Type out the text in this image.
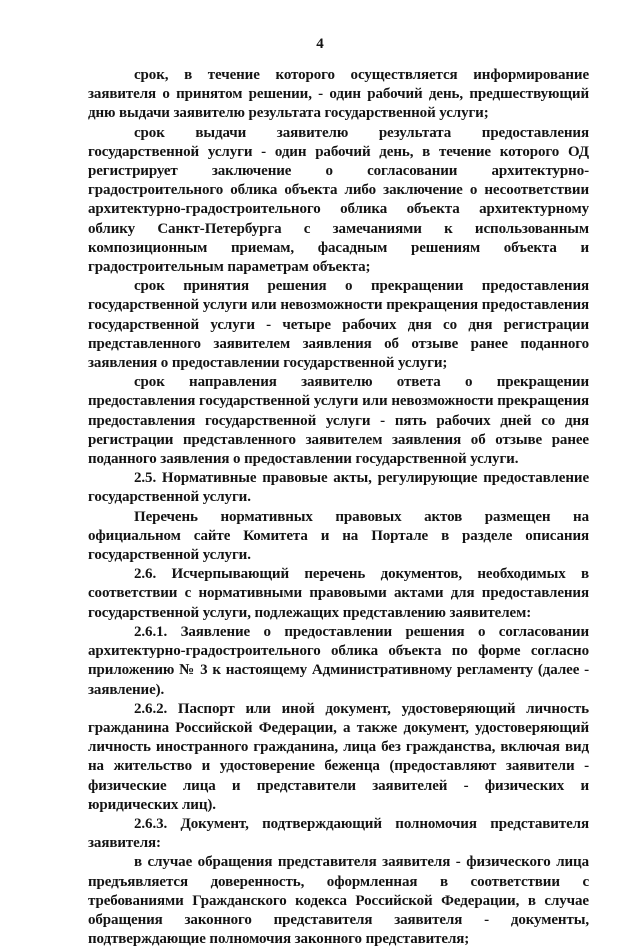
4

срок, в течение которого осуществляется информирование заявителя о принятом решении, - один рабочий день, предшествующий дню выдачи заявителю результата государственной услуги;

срок выдачи заявителю результата предоставления государственной услуги - один рабочий день, в течение которого ОД регистрирует заключение о согласовании архитектурно-градостроительного облика объекта либо заключение о несоответствии архитектурно-градостроительного облика объекта архитектурному облику Санкт-Петербурга с замечаниями к использованным композиционным приемам, фасадным решениям объекта и градостроительным параметрам объекта;

срок принятия решения о прекращении предоставления государственной услуги или невозможности прекращения предоставления государственной услуги - четыре рабочих дня со дня регистрации представленного заявителем заявления об отзыве ранее поданного заявления о предоставлении государственной услуги;

срок направления заявителю ответа о прекращении предоставления государственной услуги или невозможности прекращения предоставления государственной услуги - пять рабочих дней со дня регистрации представленного заявителем заявления об отзыве ранее поданного заявления о предоставлении государственной услуги.

2.5. Нормативные правовые акты, регулирующие предоставление государственной услуги.

Перечень нормативных правовых актов размещен на официальном сайте Комитета и на Портале в разделе описания государственной услуги.

2.6. Исчерпывающий перечень документов, необходимых в соответствии с нормативными правовыми актами для предоставления государственной услуги, подлежащих представлению заявителем:

2.6.1. Заявление о предоставлении решения о согласовании архитектурно-градостроительного облика объекта по форме согласно приложению № 3 к настоящему Административному регламенту (далее - заявление).

2.6.2. Паспорт или иной документ, удостоверяющий личность гражданина Российской Федерации, а также документ, удостоверяющий личность иностранного гражданина, лица без гражданства, включая вид на жительство и удостоверение беженца (предоставляют заявители - физические лица и представители заявителей - физических и юридических лиц).

2.6.3. Документ, подтверждающий полномочия представителя заявителя:

в случае обращения представителя заявителя - физического лица предъявляется доверенность, оформленная в соответствии с требованиями Гражданского кодекса Российской Федерации, в случае обращения законного представителя заявителя - документы, подтверждающие полномочия законного представителя;
